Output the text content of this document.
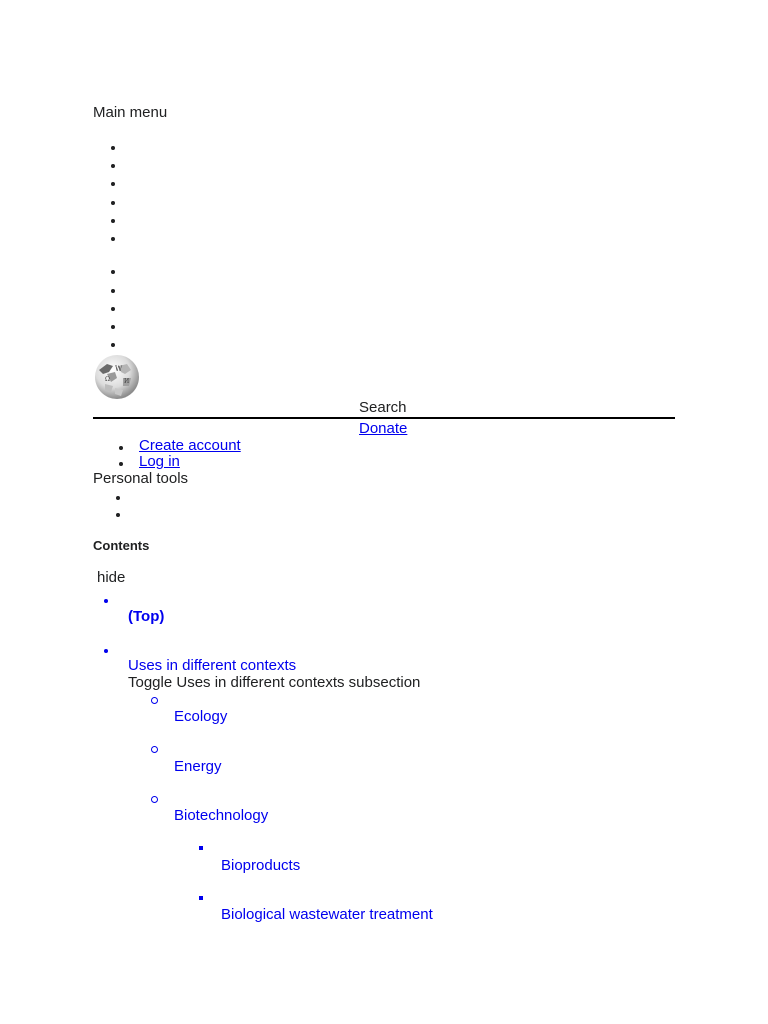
Main menu
W
Ω И
Search
Donate
Create account
Log in
Personal tools
Contents
hide
(Top)
Uses in different contexts
Toggle Uses in different contexts subsection
Ecology
Energy
Biotechnology
Bioproducts
Biological wastewater treatment
